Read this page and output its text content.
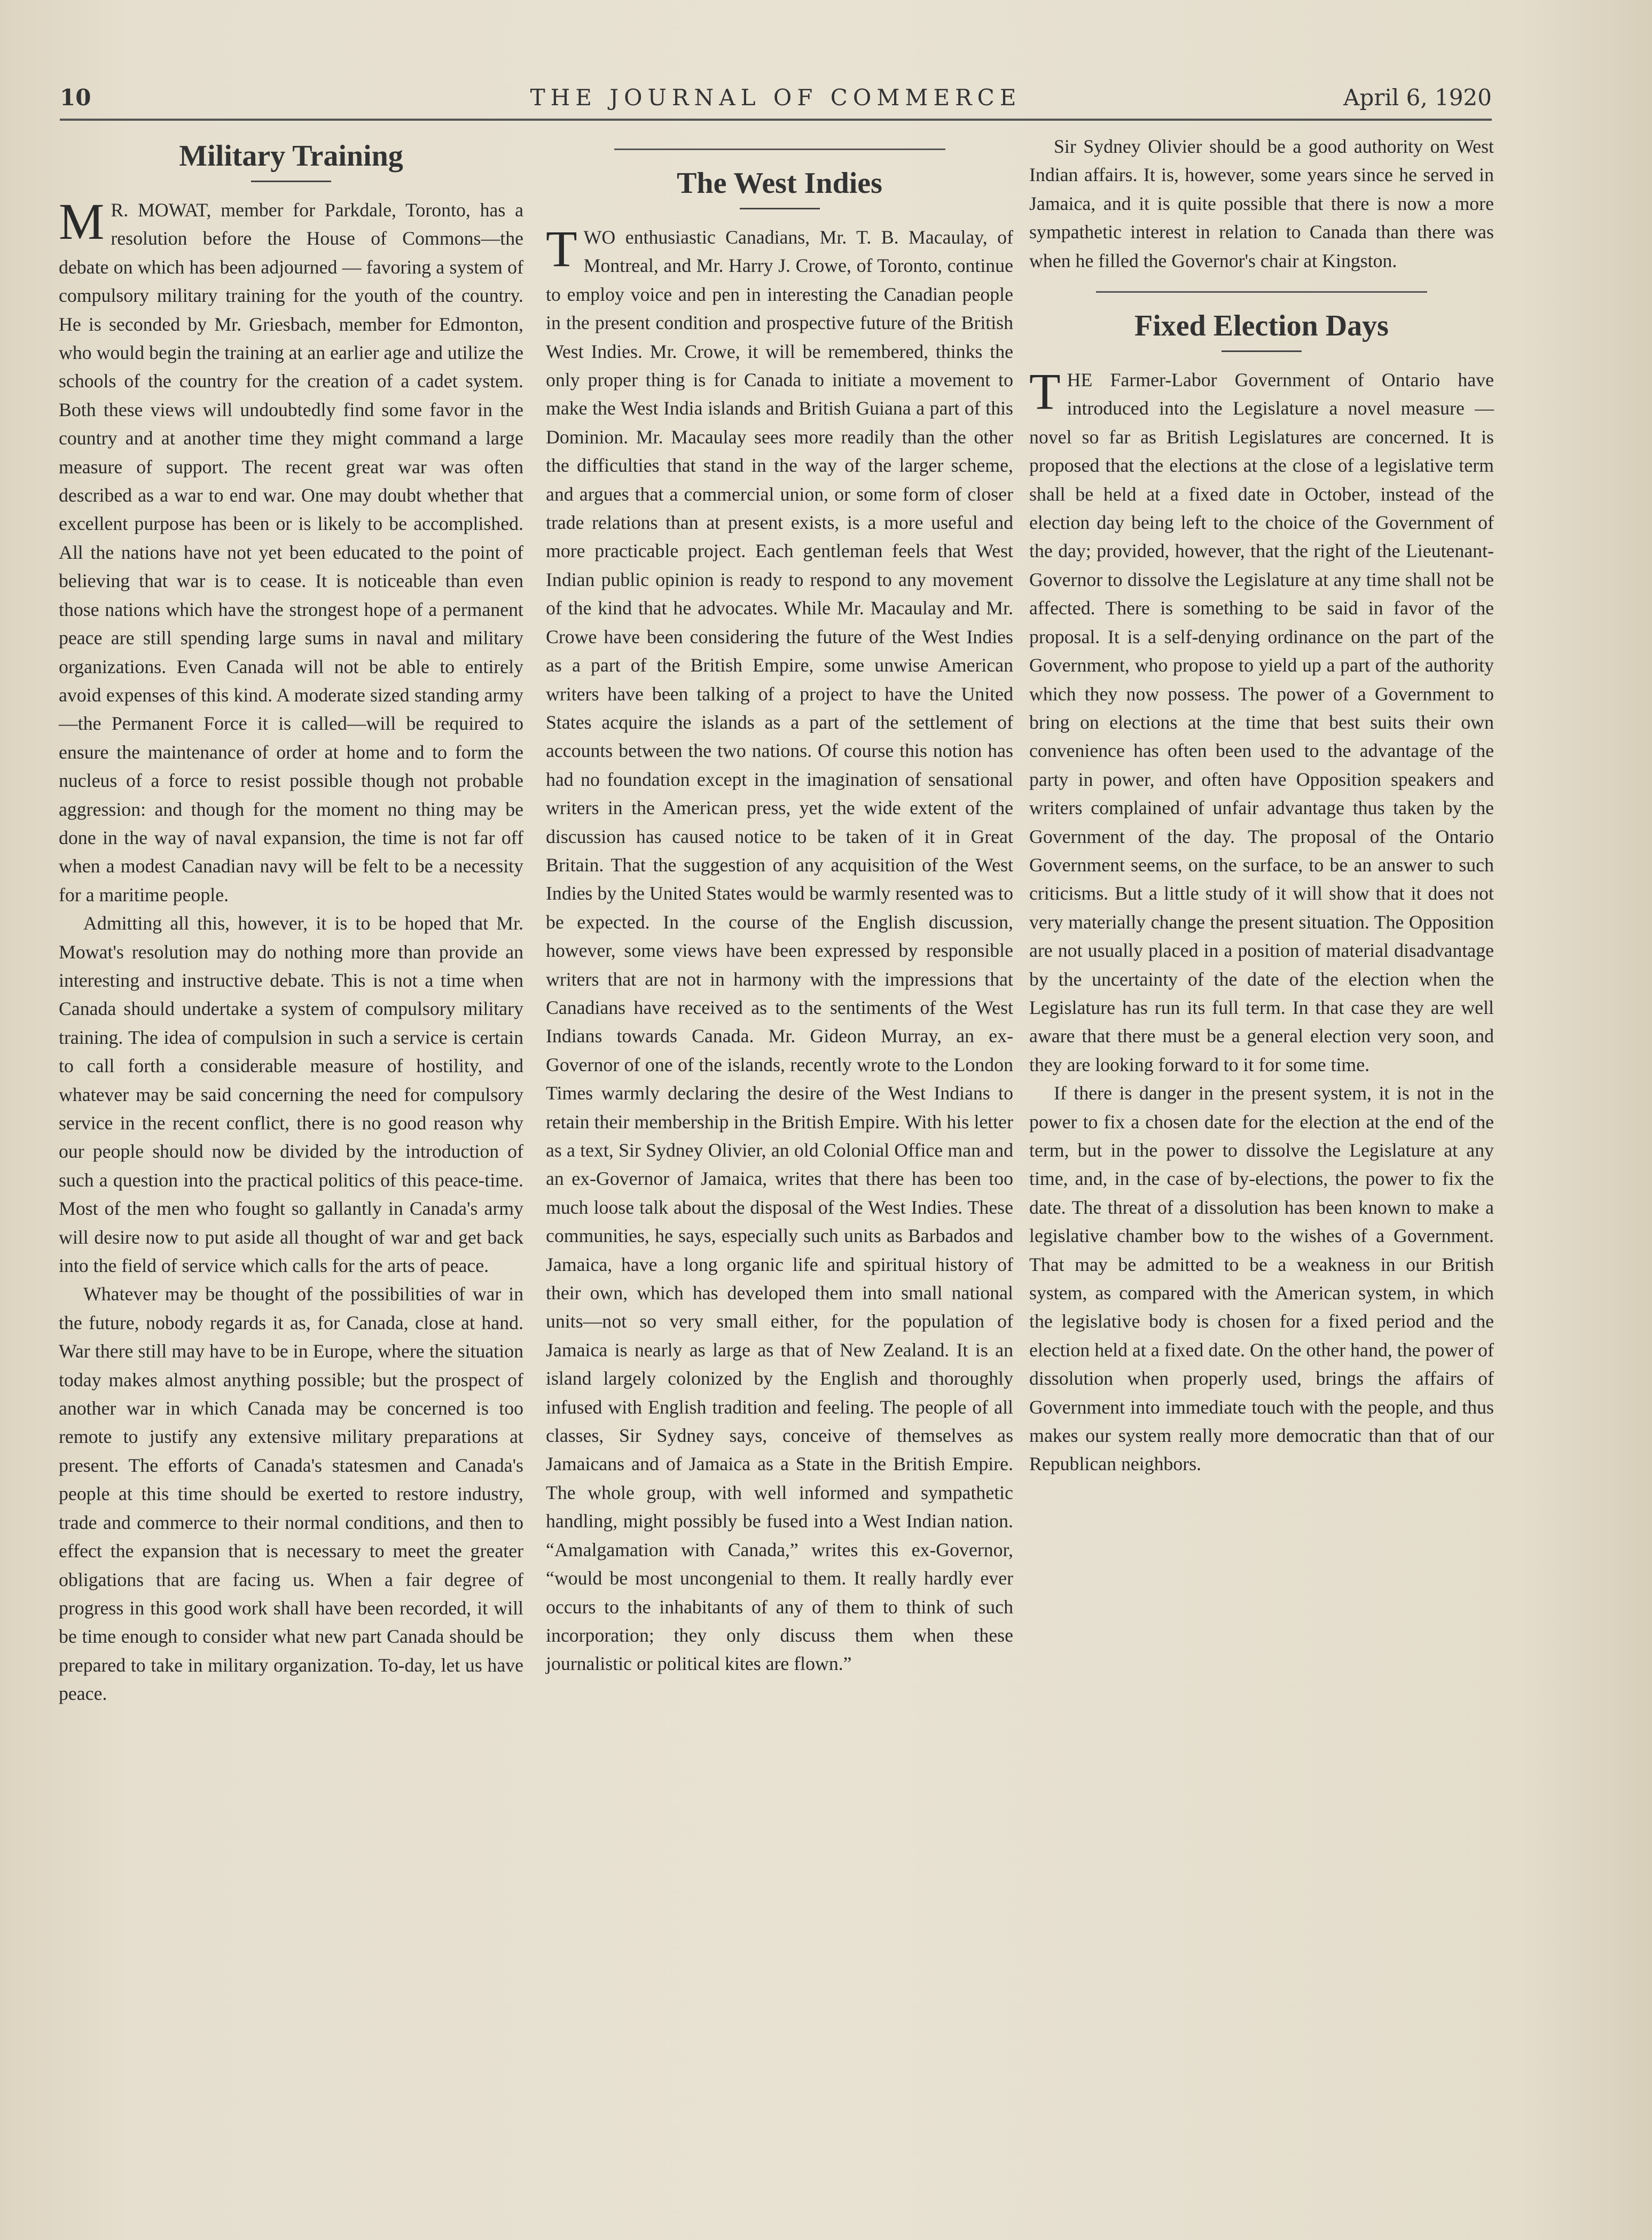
10	THE JOURNAL OF COMMERCE	April 6, 1920
Military Training

M R. MOWAT, member for Parkdale, Toronto, has a resolution before the House of Commons—the debate on which has been adjourned — favoring a system of compulsory military training for the youth of the country. He is seconded by Mr. Griesbach, member for Edmonton, who would begin the training at an earlier age and utilize the schools of the country for the creation of a cadet system. Both these views will undoubtedly find some favor in the country and at another time they might command a large measure of support. The recent great war was often described as a war to end war. One may doubt whether that excellent purpose has been or is likely to be accomplished. All the nations have not yet been educated to the point of believing that war is to cease. It is noticeable than even those nations which have the strongest hope of a permanent peace are still spending large sums in naval and military organizations. Even Canada will not be able to entirely avoid expenses of this kind. A moderate sized standing army—the Permanent Force it is called—will be required to ensure the maintenance of order at home and to form the nucleus of a force to resist possible though not probable aggression: and though for the moment no thing may be done in the way of naval expansion, the time is not far off when a modest Canadian navy will be felt to be a necessity for a maritime people.

Admitting all this, however, it is to be hoped that Mr. Mowat's resolution may do nothing more than provide an interesting and instructive debate. This is not a time when Canada should undertake a system of compulsory military training. The idea of compulsion in such a service is certain to call forth a considerable measure of hostility, and whatever may be said concerning the need for compulsory service in the recent conflict, there is no good reason why our people should now be divided by the introduction of such a question into the practical politics of this peace-time. Most of the men who fought so gallantly in Canada's army will desire now to put aside all thought of war and get back into the field of service which calls for the arts of peace.

Whatever may be thought of the possibilities of war in the future, nobody regards it as, for Canada, close at hand. War there still may have to be in Europe, where the situation today makes almost anything possible; but the prospect of another war in which Canada may be concerned is too remote to justify any extensive military preparations at present. The efforts of Canada's statesmen and Canada's people at this time should be exerted to restore industry, trade and commerce to their normal conditions, and then to effect the expansion that is necessary to meet the greater obligations that are facing us. When a fair degree of progress in this good work shall have been recorded, it will be time enough to consider what new part Canada should be prepared to take in military organization. To-day, let us have peace.

The West Indies

TWO enthusiastic Canadians, Mr. T. B. Macaulay, of Montreal, and Mr. Harry J. Crowe, of Toronto, continue to employ voice and pen in interesting the Canadian people in the present condition and prospective future of the British West Indies. Mr. Crowe, it will be remembered, thinks the only proper thing is for Canada to initiate a movement to make the West India islands and British Guiana a part of this Dominion. Mr. Macaulay sees more readily than the other the difficulties that stand in the way of the larger scheme, and argues that a commercial union, or some form of closer trade relations than at present exists, is a more useful and more practicable project. Each gentleman feels that West Indian public opinion is ready to respond to any movement of the kind that he advocates. While Mr. Macaulay and Mr. Crowe have been considering the future of the West Indies as a part of the British Empire, some unwise American writers have been talking of a project to have the United States acquire the islands as a part of the settlement of accounts between the two nations. Of course this notion has had no foundation except in the imagination of sensational writers in the American press, yet the wide extent of the discussion has caused notice to be taken of it in Great Britain. That the suggestion of any acquisition of the West Indies by the United States would be warmly resented was to be expected. In the course of the English discussion, however, some views have been expressed by responsible writers that are not in harmony with the impressions that Canadians have received as to the sentiments of the West Indians towards Canada. Mr. Gideon Murray, an ex-Governor of one of the islands, recently wrote to the London Times warmly declaring the desire of the West Indians to retain their membership in the British Empire. With his letter as a text, Sir Sydney Olivier, an old Colonial Office man and an ex-Governor of Jamaica, writes that there has been too much loose talk about the disposal of the West Indies. These communities, he says, especially such units as Barbados and Jamaica, have a long organic life and spiritual history of their own, which has developed them into small national units—not so very small either, for the population of Jamaica is nearly as large as that of New Zealand. It is an island largely colonized by the English and thoroughly infused with English tradition and feeling. The people of all classes, Sir Sydney says, conceive of themselves as Jamaicans and of Jamaica as a State in the British Empire. The whole group, with well informed and sympathetic handling, might possibly be fused into a West Indian nation. “Amalgamation with Canada,” writes this ex-Governor, “would be most uncongenial to them. It really hardly ever occurs to the inhabitants of any of them to think of such incorporation; they only discuss them when these journalistic or political kites are flown.”

Sir Sydney Olivier should be a good authority on West Indian affairs. It is, however, some years since he served in Jamaica, and it is quite possible that there is now a more sympathetic interest in relation to Canada than there was when he filled the Governor's chair at Kingston.

Fixed Election Days

THE Farmer-Labor Government of Ontario have introduced into the Legislature a novel measure — novel so far as British Legislatures are concerned. It is proposed that the elections at the close of a legislative term shall be held at a fixed date in October, instead of the election day being left to the choice of the Government of the day; provided, however, that the right of the Lieutenant-Governor to dissolve the Legislature at any time shall not be affected. There is something to be said in favor of the proposal. It is a self-denying ordinance on the part of the Government, who propose to yield up a part of the authority which they now possess. The power of a Government to bring on elections at the time that best suits their own convenience has often been used to the advantage of the party in power, and often have Opposition speakers and writers complained of unfair advantage thus taken by the Government of the day. The proposal of the Ontario Government seems, on the surface, to be an answer to such criticisms. But a little study of it will show that it does not very materially change the present situation. The Opposition are not usually placed in a position of material disadvantage by the uncertainty of the date of the election when the Legislature has run its full term. In that case they are well aware that there must be a general election very soon, and they are looking forward to it for some time.

If there is danger in the present system, it is not in the power to fix a chosen date for the election at the end of the term, but in the power to dissolve the Legislature at any time, and, in the case of by-elections, the power to fix the date. The threat of a dissolution has been known to make a legislative chamber bow to the wishes of a Government. That may be admitted to be a weakness in our British system, as compared with the American system, in which the legislative body is chosen for a fixed period and the election held at a fixed date. On the other hand, the power of dissolution when properly used, brings the affairs of Government into immediate touch with the people, and thus makes our system really more democratic than that of our Republican neighbors.
